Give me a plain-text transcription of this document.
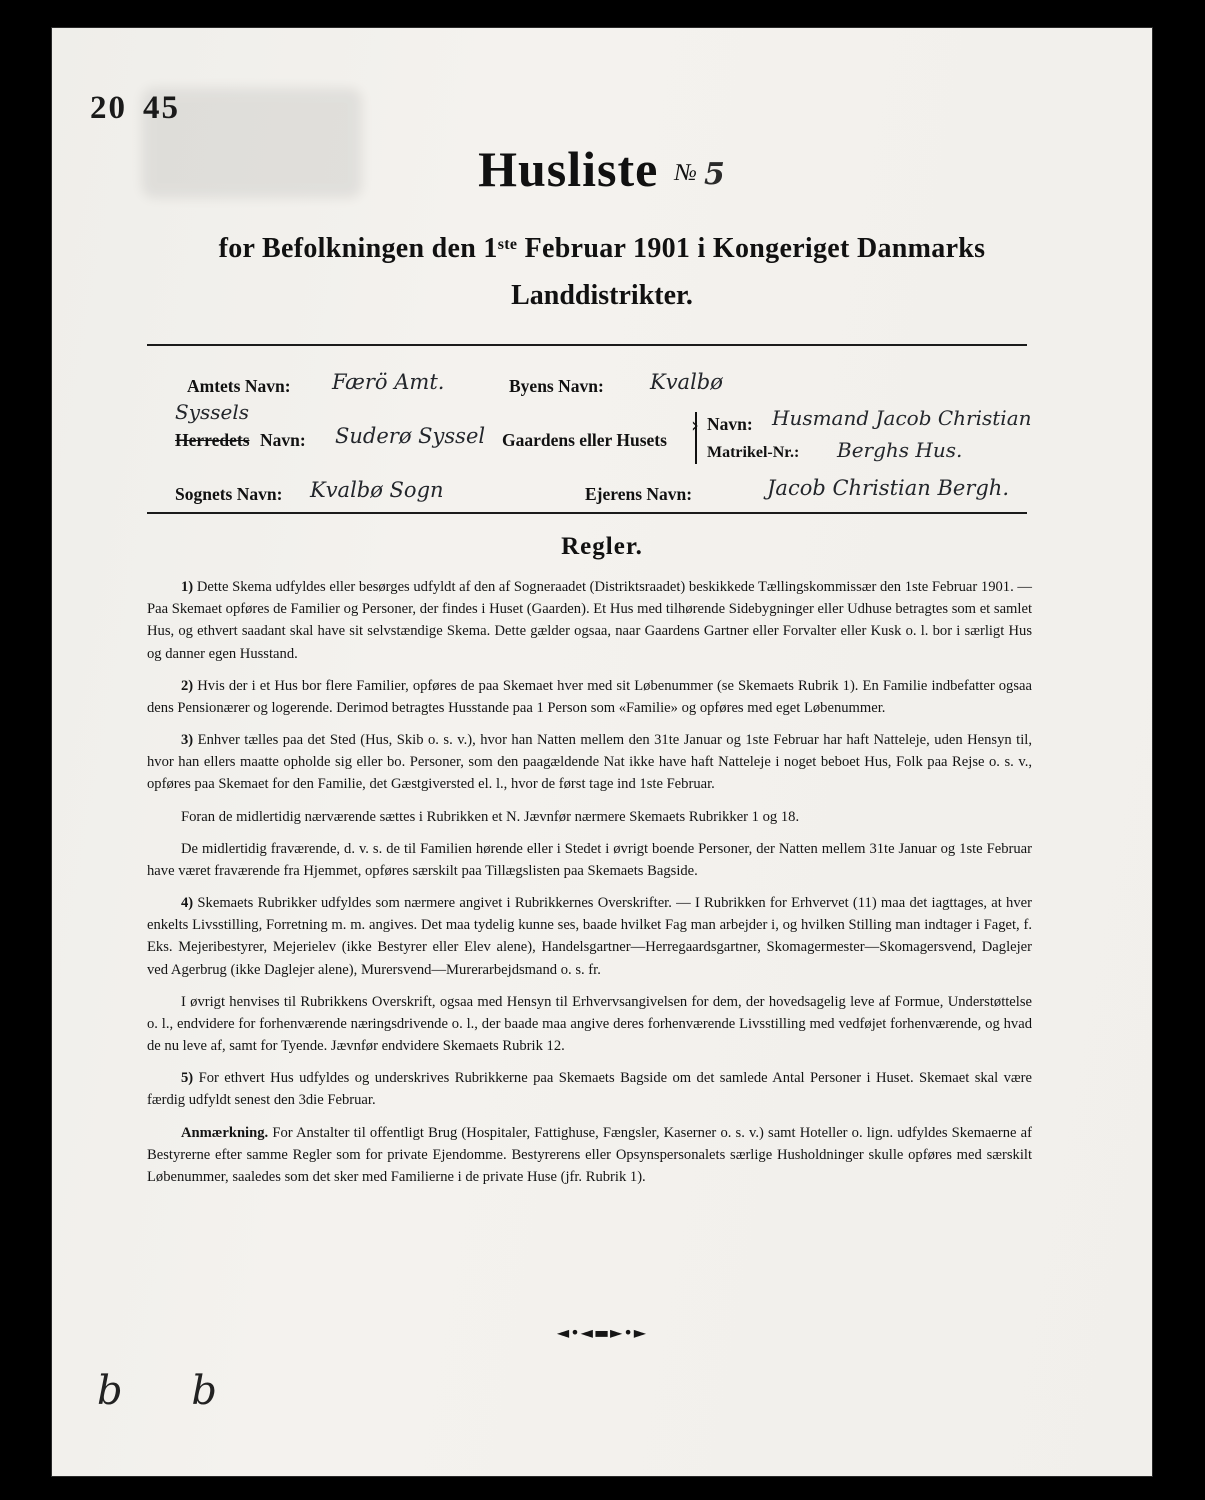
20 45
Husliste № 5
for Befolkningen den 1ste Februar 1901 i Kongeriget Danmarks
Landdistrikter.
Amtets Navn: Færö Amt.
Syssels
Herredets Navn: Suderø Syssel
Sognets Navn: Kvalbø Sogn
Byens Navn: Kvalbø
Gaardens eller Husets
› Navn: Husmand Jacob Christian
Matrikel-Nr.: Berghs Hus.
Ejerens Navn:	Jacob Christian Bergh.
Regler.

1) Dette Skema udfyldes eller besørges udfyldt af den af Sogneraadet (Distriktsraadet) beskikkede Tællingskommissær den 1ste Februar 1901. — Paa Skemaet opføres de Familier og Personer, der findes i Huset (Gaarden). Et Hus med tilhørende Sidebygninger eller Udhuse betragtes som et samlet Hus, og ethvert saadant skal have sit selvstændige Skema. Dette gælder ogsaa, naar Gaardens Gartner eller Forvalter eller Kusk o. l. bor i særligt Hus og danner egen Husstand.

2) Hvis der i et Hus bor flere Familier, opføres de paa Skemaet hver med sit Løbenummer (se Skemaets Rubrik 1). En Familie indbefatter ogsaa dens Pensionærer og logerende. Derimod betragtes Husstande paa 1 Person som «Familie» og opføres med eget Løbenummer.

3) Enhver tælles paa det Sted (Hus, Skib o. s. v.), hvor han Natten mellem den 31te Januar og 1ste Februar har haft Natteleje, uden Hensyn til, hvor han ellers maatte opholde sig eller bo. Personer, som den paagældende Nat ikke have haft Natteleje i noget beboet Hus, Folk paa Rejse o. s. v., opføres paa Skemaet for den Familie, det Gæstgiversted el. l., hvor de først tage ind 1ste Februar.

Foran de midlertidig nærværende sættes i Rubrikken et N. Jævnfør nærmere Skemaets Rubrikker 1 og 18.

De midlertidig fraværende, d. v. s. de til Familien hørende eller i Stedet i øvrigt boende Personer, der Natten mellem 31te Januar og 1ste Februar have været fraværende fra Hjemmet, opføres særskilt paa Tillægslisten paa Skemaets Bagside.

4) Skemaets Rubrikker udfyldes som nærmere angivet i Rubrikkernes Overskrifter. — I Rubrikken for Erhvervet (11) maa det iagttages, at hver enkelts Livsstilling, Forretning m. m. angives. Det maa tydelig kunne ses, baade hvilket Fag man arbejder i, og hvilken Stilling man indtager i Faget, f. Eks. Mejeribestyrer, Mejerielev (ikke Bestyrer eller Elev alene), Handelsgartner—Herregaardsgartner, Skomagermester—Skomagersvend, Daglejer ved Agerbrug (ikke Daglejer alene), Murersvend—Murerarbejdsmand o. s. fr.

I øvrigt henvises til Rubrikkens Overskrift, ogsaa med Hensyn til Erhvervsangivelsen for dem, der hovedsagelig leve af Formue, Understøttelse o. l., endvidere for forhenværende næringsdrivende o. l., der baade maa angive deres forhenværende Livsstilling med vedføjet forhenværende, og hvad de nu leve af, samt for Tyende. Jævnfør endvidere Skemaets Rubrik 12.

5) For ethvert Hus udfyldes og underskrives Rubrikkerne paa Skemaets Bagside om det samlede Antal Personer i Huset. Skemaet skal være færdig udfyldt senest den 3die Februar.

Anmærkning. For Anstalter til offentligt Brug (Hospitaler, Fattighuse, Fængsler, Kaserner o. s. v.) samt Hoteller o. lign. udfyldes Skemaerne af Bestyrerne efter samme Regler som for private Ejendomme. Bestyrerens eller Opsynspersonalets særlige Husholdninger skulle opføres med særskilt Løbenummer, saaledes som det sker med Familierne i de private Huse (jfr. Rubrik 1).

◄•◄▬►•►
b b
